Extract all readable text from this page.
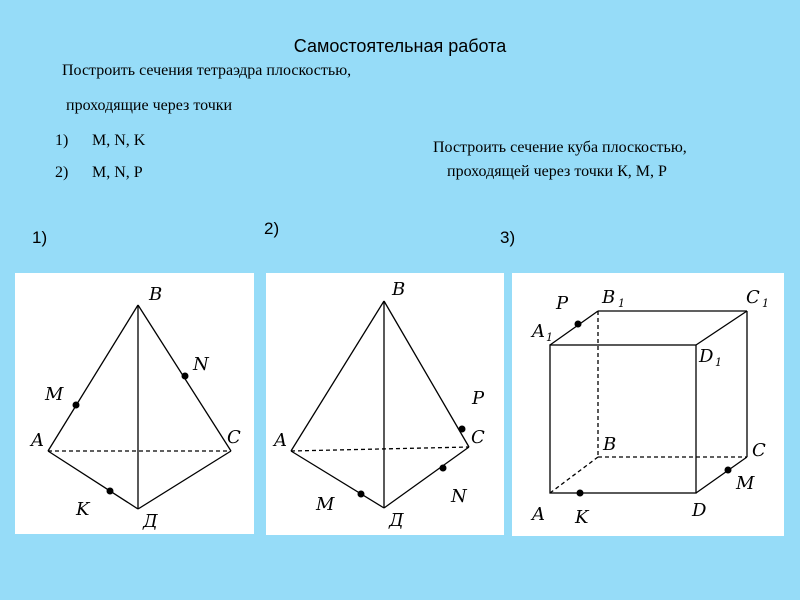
Самостоятельная работа

Построить сечения тетраэдра плоскостью,

проходящие через точки

1) M, N, K
2) M, N, P

Построить сечение куба плоскостью,

проходящей через точки К, М, Р

1)	2)	3)
B
N
M
A	C
K
Д
B
P
A	C
M	N
Д
P B 1	C 1
A 1
D 1
B	C
M
A K	D
